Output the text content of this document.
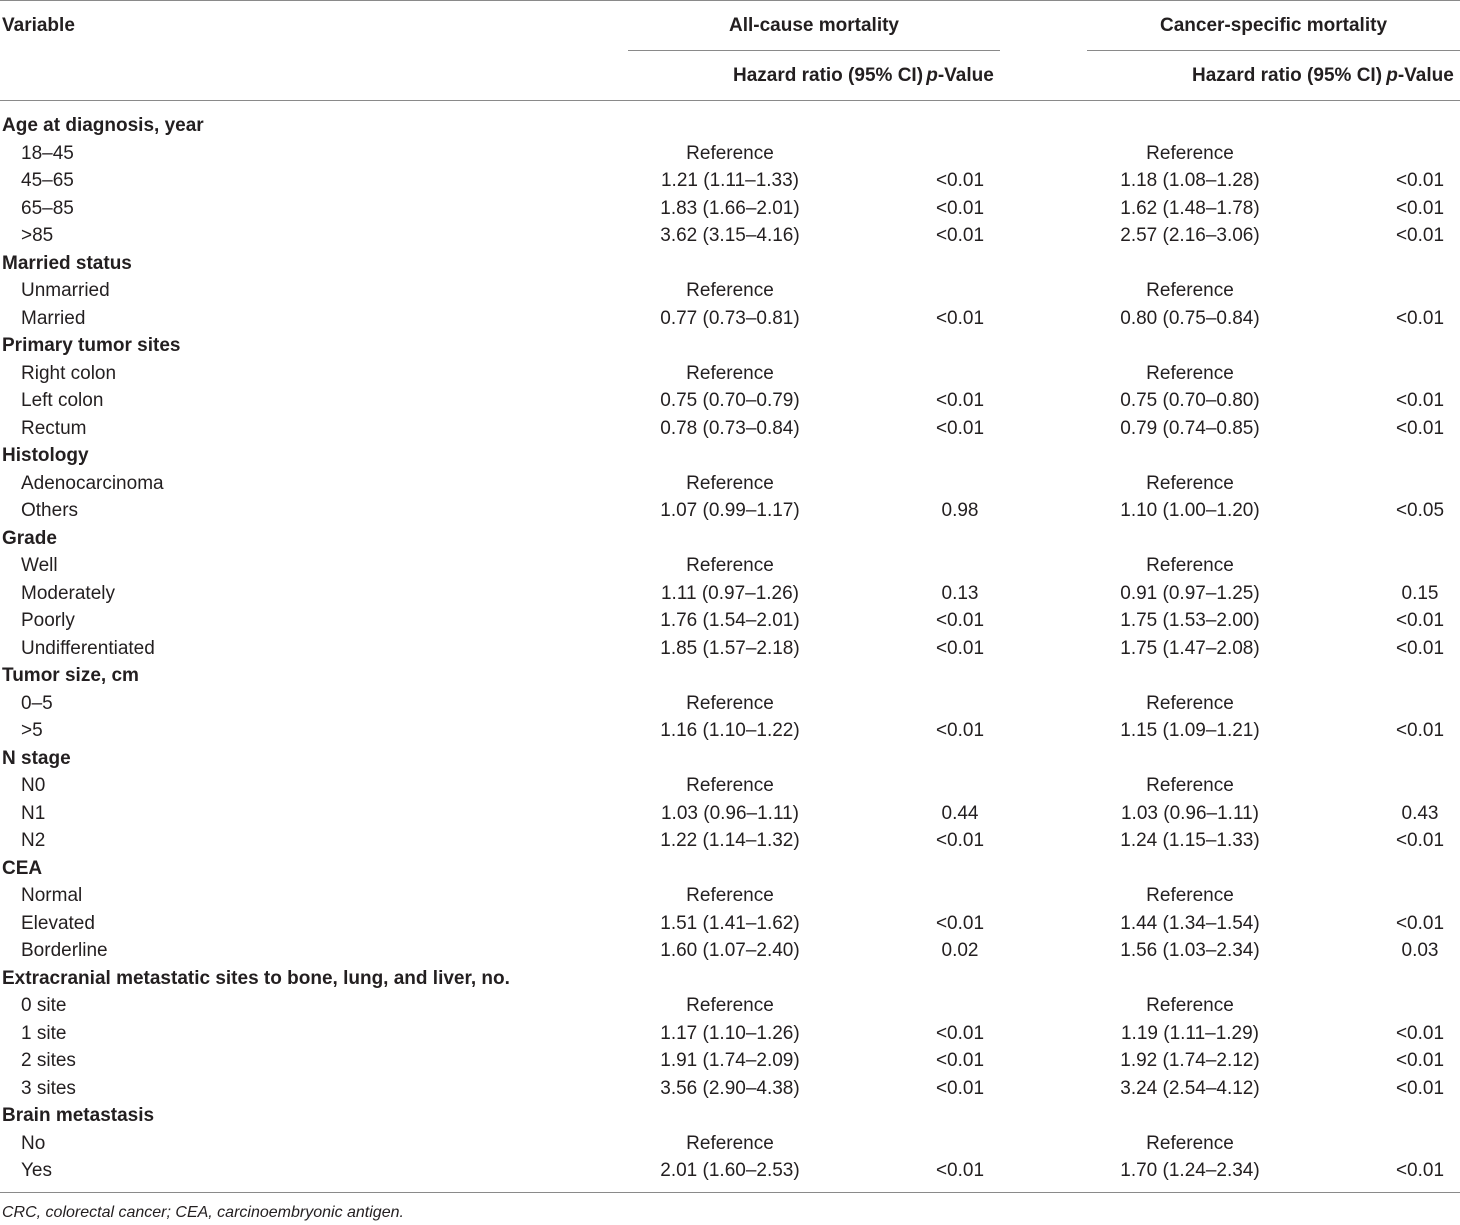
Variable	All-cause mortality	Cancer-specific mortality
Hazard ratio (95% CI) p-Value	Hazard ratio (95% CI) p-Value
Age at diagnosis, year
18–45	Reference	Reference
45–65	1.21 (1.11–1.33)	<0.01	1.18 (1.08–1.28)	<0.01
65–85	1.83 (1.66–2.01)	<0.01	1.62 (1.48–1.78)	<0.01
>85	3.62 (3.15–4.16)	<0.01	2.57 (2.16–3.06)	<0.01
Married status
Unmarried	Reference	Reference
Married	0.77 (0.73–0.81)	<0.01	0.80 (0.75–0.84)	<0.01
Primary tumor sites
Right colon	Reference	Reference
Left colon	0.75 (0.70–0.79)	<0.01	0.75 (0.70–0.80)	<0.01
Rectum	0.78 (0.73–0.84)	<0.01	0.79 (0.74–0.85)	<0.01
Histology
Adenocarcinoma	Reference	Reference
Others	1.07 (0.99–1.17)	0.98	1.10 (1.00–1.20)	<0.05
Grade
Well	Reference	Reference
Moderately	1.11 (0.97–1.26)	0.13	0.91 (0.97–1.25)	0.15
Poorly	1.76 (1.54–2.01)	<0.01	1.75 (1.53–2.00)	<0.01
Undifferentiated	1.85 (1.57–2.18)	<0.01	1.75 (1.47–2.08)	<0.01
Tumor size, cm
0–5	Reference	Reference
>5	1.16 (1.10–1.22)	<0.01	1.15 (1.09–1.21)	<0.01
N stage
N0	Reference	Reference
N1	1.03 (0.96–1.11)	0.44	1.03 (0.96–1.11)	0.43
N2	1.22 (1.14–1.32)	<0.01	1.24 (1.15–1.33)	<0.01
CEA
Normal	Reference	Reference
Elevated	1.51 (1.41–1.62)	<0.01	1.44 (1.34–1.54)	<0.01
Borderline	1.60 (1.07–2.40)	0.02	1.56 (1.03–2.34)	0.03
Extracranial metastatic sites to bone, lung, and liver, no.
0 site	Reference	Reference
1 site	1.17 (1.10–1.26)	<0.01	1.19 (1.11–1.29)	<0.01
2 sites	1.91 (1.74–2.09)	<0.01	1.92 (1.74–2.12)	<0.01
3 sites	3.56 (2.90–4.38)	<0.01	3.24 (2.54–4.12)	<0.01
Brain metastasis
No	Reference	Reference
Yes	2.01 (1.60–2.53)	<0.01	1.70 (1.24–2.34)	<0.01
CRC, colorectal cancer; CEA, carcinoembryonic antigen.
